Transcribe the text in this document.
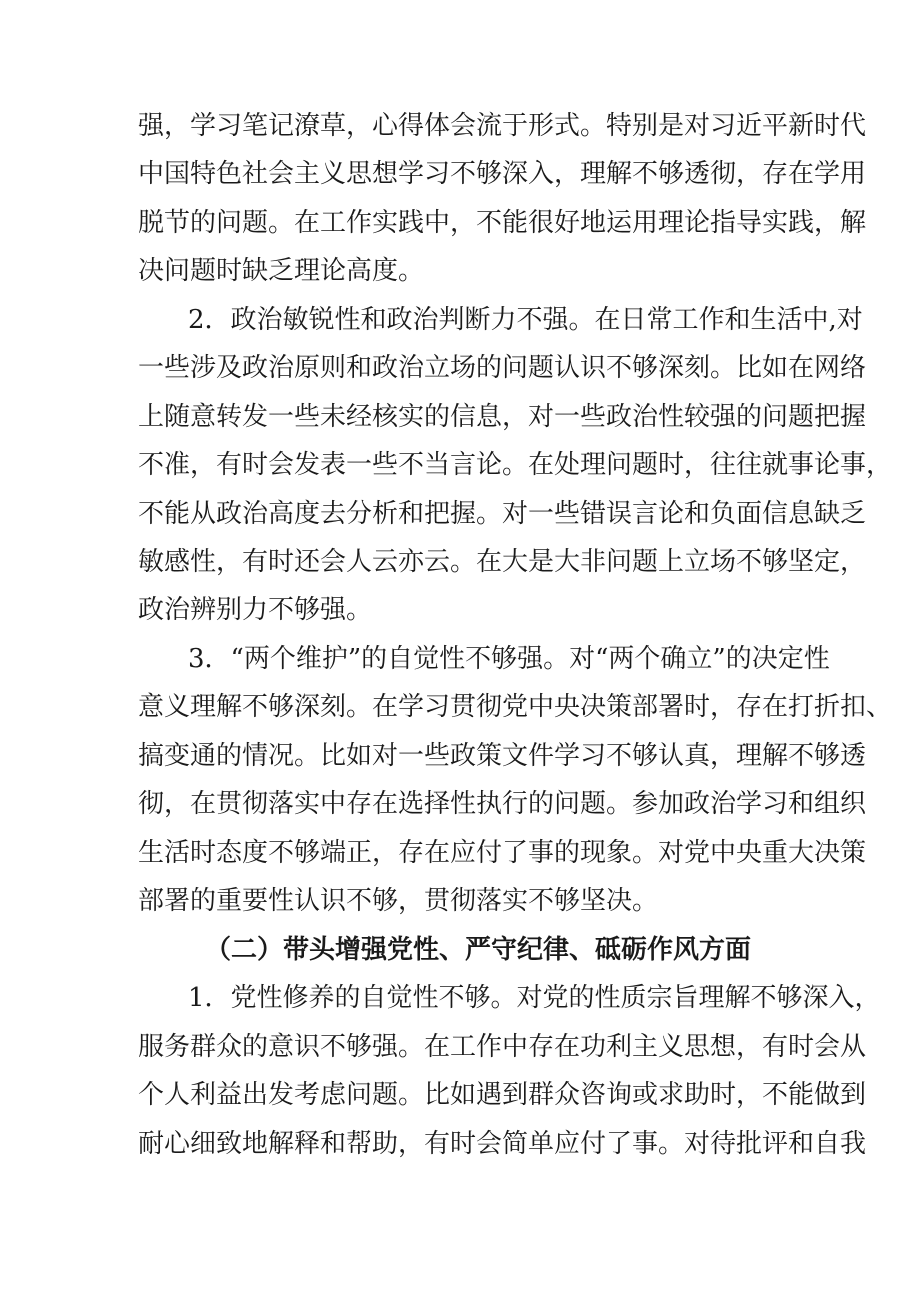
强，学习笔记潦草，心得体会流于形式。特别是对习近平新时代
中国特色社会主义思想学习不够深入，理解不够透彻，存在学用
脱节的问题。在工作实践中，不能很好地运用理论指导实践，解
决问题时缺乏理论高度。
2．政治敏锐性和政治判断力不强。在日常工作和生活中,对
一些涉及政治原则和政治立场的问题认识不够深刻。比如在网络
上随意转发一些未经核实的信息，对一些政治性较强的问题把握
不准，有时会发表一些不当言论。在处理问题时，往往就事论事，
不能从政治高度去分析和把握。对一些错误言论和负面信息缺乏
敏感性，有时还会人云亦云。在大是大非问题上立场不够坚定，
政治辨别力不够强。
3．“两个维护”的自觉性不够强。对“两个确立”的决定性
意义理解不够深刻。在学习贯彻党中央决策部署时，存在打折扣、
搞变通的情况。比如对一些政策文件学习不够认真，理解不够透
彻，在贯彻落实中存在选择性执行的问题。参加政治学习和组织
生活时态度不够端正，存在应付了事的现象。对党中央重大决策
部署的重要性认识不够，贯彻落实不够坚决。
（二）带头增强党性、严守纪律、砥砺作风方面
1．党性修养的自觉性不够。对党的性质宗旨理解不够深入，
服务群众的意识不够强。在工作中存在功利主义思想，有时会从
个人利益出发考虑问题。比如遇到群众咨询或求助时，不能做到
耐心细致地解释和帮助，有时会简单应付了事。对待批评和自我
